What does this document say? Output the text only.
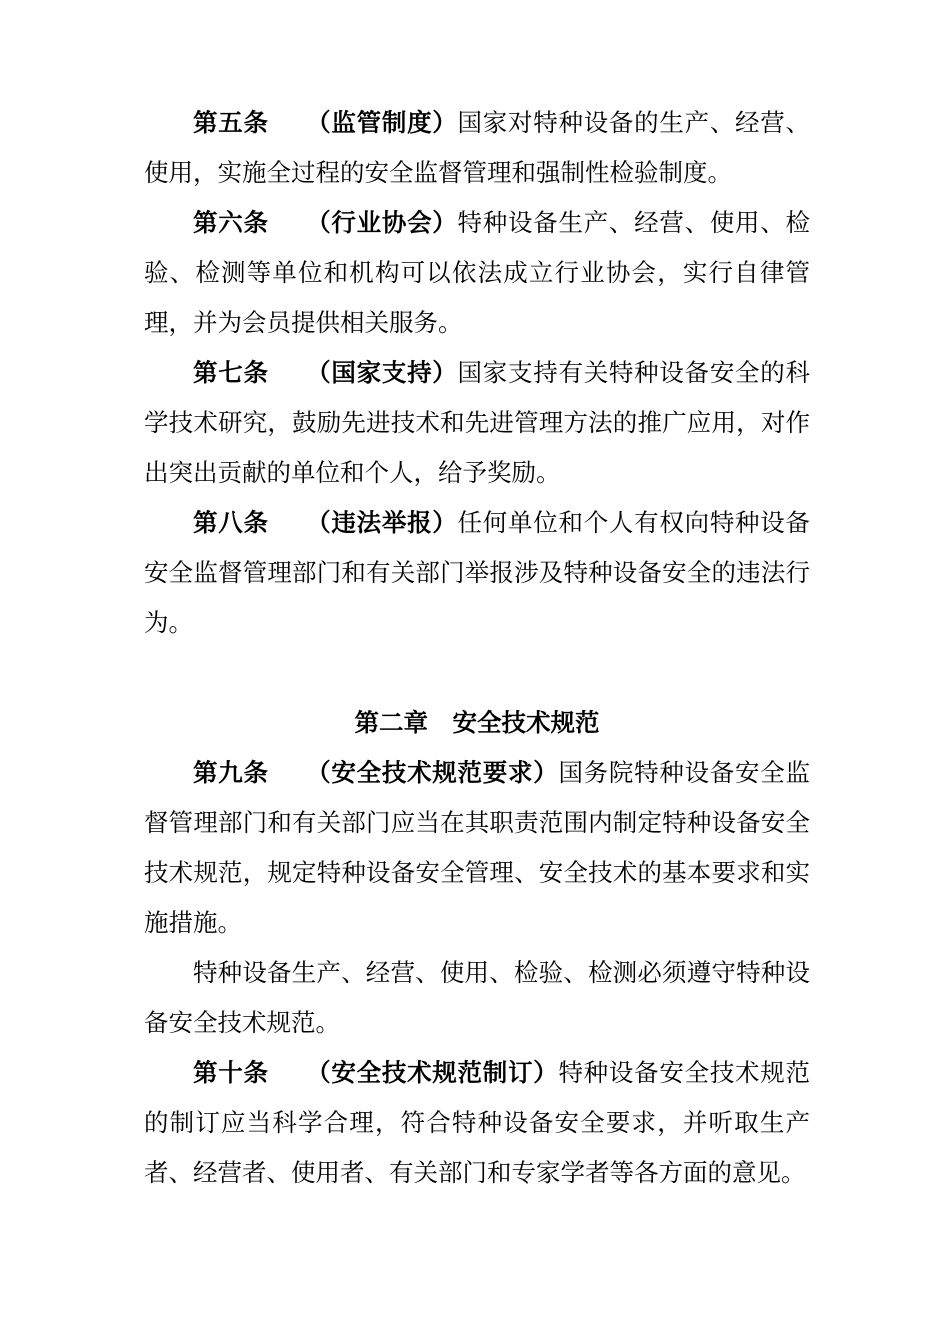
第五条 （监管制度）国家对特种设备的生产、经营、使用，实施全过程的安全监督管理和强制性检验制度。

第六条 （行业协会）特种设备生产、经营、使用、检验、检测等单位和机构可以依法成立行业协会，实行自律管理，并为会员提供相关服务。

第七条 （国家支持）国家支持有关特种设备安全的科学技术研究，鼓励先进技术和先进管理方法的推广应用，对作出突出贡献的单位和个人，给予奖励。

第八条 （违法举报）任何单位和个人有权向特种设备安全监督管理部门和有关部门举报涉及特种设备安全的违法行为。

第二章 安全技术规范

第九条 （安全技术规范要求）国务院特种设备安全监督管理部门和有关部门应当在其职责范围内制定特种设备安全技术规范，规定特种设备安全管理、安全技术的基本要求和实施措施。

特种设备生产、经营、使用、检验、检测必须遵守特种设备安全技术规范。

第十条 （安全技术规范制订）特种设备安全技术规范的制订应当科学合理，符合特种设备安全要求，并听取生产者、经营者、使用者、有关部门和专家学者等各方面的意见。
